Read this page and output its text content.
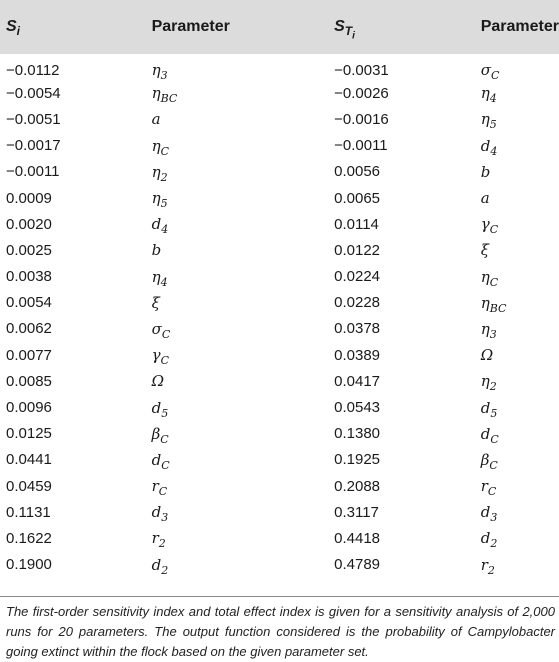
$S_i$	Parameter	$S_{T_i}$	Parameter
−0.0112	$\eta_3$	−0.0031	$\sigma_C$
−0.0054	$\eta_{BC}$	−0.0026	$\eta_4$
−0.0051	a	−0.0016	$\eta_5$
−0.0017	$\eta_C$	−0.0011	$d_4$
−0.0011	$\eta_2$	0.0056	b
0.0009	$\eta_5$	0.0065	a
0.0020	$d_4$	0.0114	$\gamma_C$
0.0025	b	0.0122	ξ
0.0038	$\eta_4$	0.0224	$\eta_C$
0.0054	ξ	0.0228	$\eta_{BC}$
0.0062	$\sigma_C$	0.0378	$\eta_3$
0.0077	$\gamma_C$	0.0389	Ω
0.0085	Ω	0.0417	$\eta_2$
0.0096	$d_5$	0.0543	$d_5$
0.0125	$\beta_C$	0.1380	$d_C$
0.0441	$d_C$	0.1925	$\beta_C$
0.0459	$r_C$	0.2088	$r_C$
0.1131	$d_3$	0.3117	$d_3$
0.1622	$r_2$	0.4418	$d_2$
0.1900	$d_2$	0.4789	$r_2$
The first-order sensitivity index and total effect index is given for a sensitivity analysis of 2,000 runs for 20 parameters. The output function considered is the probability of Campylobacter going extinct within the flock based on the given parameter set.
